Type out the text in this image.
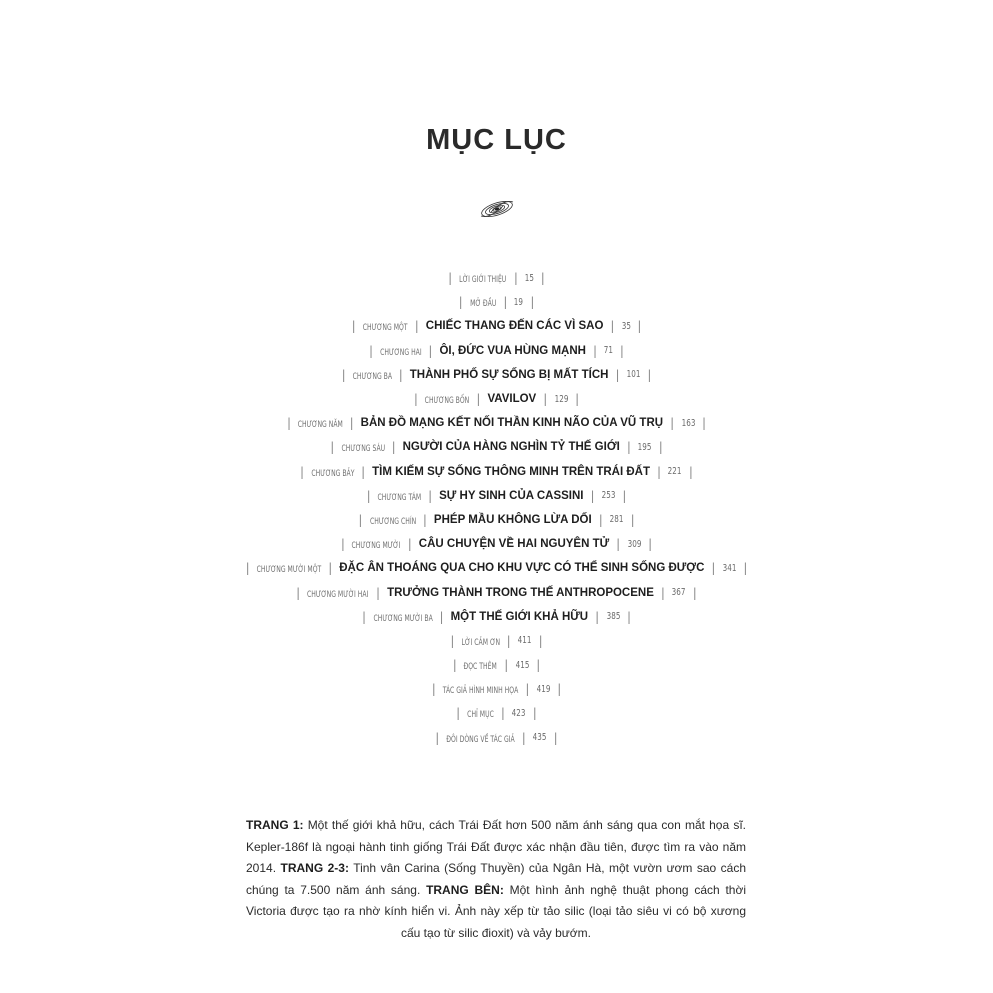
MỤC LỤC
| LỜI GIỚI THIỆU | 15 |
| MỞ ĐẦU | 19 |
| CHƯƠNG MỘT | CHIẾC THANG ĐẾN CÁC VÌ SAO | 35 |
| CHƯƠNG HAI | ÔI, ĐỨC VUA HÙNG MẠNH | 71 |
| CHƯƠNG BA | THÀNH PHỐ SỰ SỐNG BỊ MẤT TÍCH | 101 |
| CHƯƠNG BỐN | VAVILOV | 129 |
| CHƯƠNG NĂM | BẢN ĐỒ MẠNG KẾT NỐI THẦN KINH NÃO CỦA VŨ TRỤ | 163 |
| CHƯƠNG SÁU | NGƯỜI CỦA HÀNG NGHÌN TỶ THẾ GIỚI | 195 |
| CHƯƠNG BẢY | TÌM KIẾM SỰ SỐNG THÔNG MINH TRÊN TRÁI ĐẤT | 221 |
| CHƯƠNG TÁM | SỰ HY SINH CỦA CASSINI | 253 |
| CHƯƠNG CHÍN | PHÉP MẦU KHÔNG LỪA DỐI | 281 |
| CHƯƠNG MƯỜI | CÂU CHUYỆN VỀ HAI NGUYÊN TỬ | 309 |
| CHƯƠNG MƯỜI MỘT | ĐẶC ÂN THOÁNG QUA CHO KHU VỰC CÓ THỂ SINH SỐNG ĐƯỢC | 341 |
| CHƯƠNG MƯỜI HAI | TRƯỞNG THÀNH TRONG THẾ ANTHROPOCENE | 367 |
| CHƯƠNG MƯỜI BA | MỘT THẾ GIỚI KHẢ HỮU | 385 |
| LỜI CẢM ƠN | 411 |
| ĐỌC THÊM | 415 |
| TÁC GIẢ HÌNH MINH HỌA | 419 |
| CHỈ MỤC | 423 |
| ĐÔI DÒNG VỀ TÁC GIẢ | 435 |
TRANG 1: Một thế giới khả hữu, cách Trái Đất hơn 500 năm ánh sáng qua con mắt họa sĩ. Kepler-186f là ngoại hành tinh giống Trái Đất được xác nhận đầu tiên, được tìm ra vào năm 2014. TRANG 2-3: Tinh vân Carina (Sống Thuyền) của Ngân Hà, một vườn ươm sao cách chúng ta 7.500 năm ánh sáng. TRANG BÊN: Một hình ảnh nghệ thuật phong cách thời Victoria được tạo ra nhờ kính hiển vi. Ảnh này xếp từ tảo silic (loại tảo siêu vi có bộ xương cấu tạo từ silic đioxit) và vảy bướm.
